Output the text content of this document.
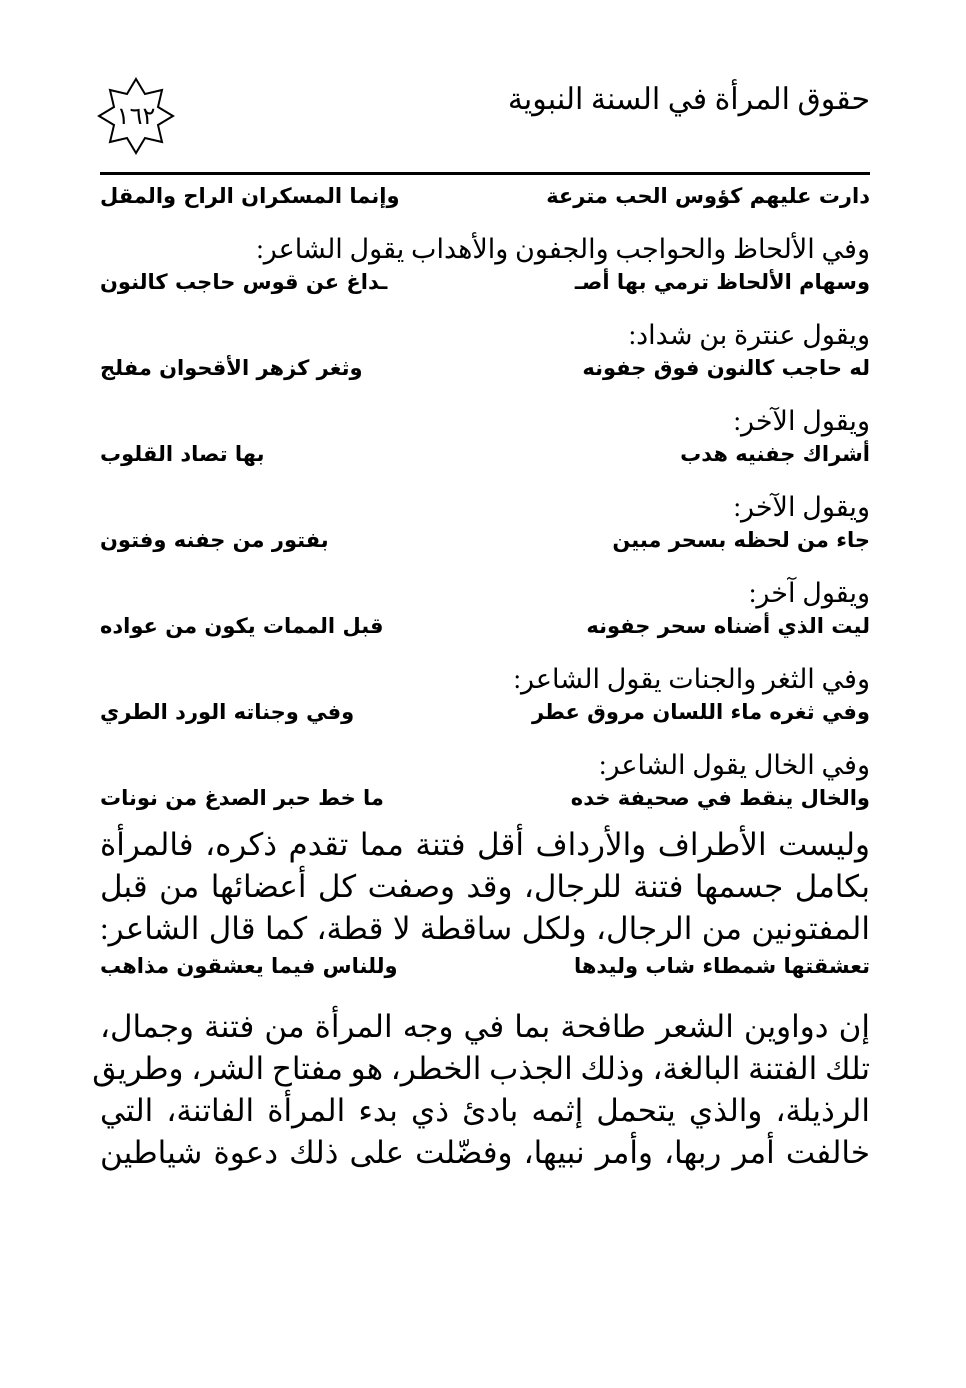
حقوق المرأة في السنة النبوية
١٦٢
دارت عليهم كؤوس الحب مترعة
وإنما المسكران الراح والمقل
وفي الألحاظ والحواجب والجفون والأهداب يقول الشاعر:
وسهام الألحاظ ترمي بها أصـ
ـداغ عن قوس حاجب كالنون
ويقول عنترة بن شداد:
له حاجب كالنون فوق جفونه
وثغر كزهر الأقحوان مفلج
ويقول الآخر:
أشراك جفنيه هدب
بها تصاد القلوب
ويقول الآخر:
جاء من لحظه بسحر مبين
بفتور من جفنه وفتون
ويقول آخر:
ليت الذي أضناه سحر جفونه
قبل الممات يكون من عواده
وفي الثغر والجنات يقول الشاعر:
وفي ثغره ماء اللسان مروق عطر
وفي وجناته الورد الطري
وفي الخال يقول الشاعر:
والخال ينقط في صحيفة خده
ما خط حبر الصدغ من نونات
وليست الأطراف والأرداف أقل فتنة مما تقدم ذكره، فالمرأة
بكامل جسمها فتنة للرجال، وقد وصفت كل أعضائها من قبل
المفتونين من الرجال، ولكل ساقطة لا قطة، كما قال الشاعر:
تعشقتها شمطاء شاب وليدها
وللناس فيما يعشقون مذاهب
إن دواوين الشعر طافحة بما في وجه المرأة من فتنة وجمال،
تلك الفتنة البالغة، وذلك الجذب الخطر، هو مفتاح الشر، وطريق
الرذيلة، والذي يتحمل إثمه بادئ ذي بدء المرأة الفاتنة، التي
خالفت أمر ربها، وأمر نبيها، وفضّلت على ذلك دعوة شياطين
